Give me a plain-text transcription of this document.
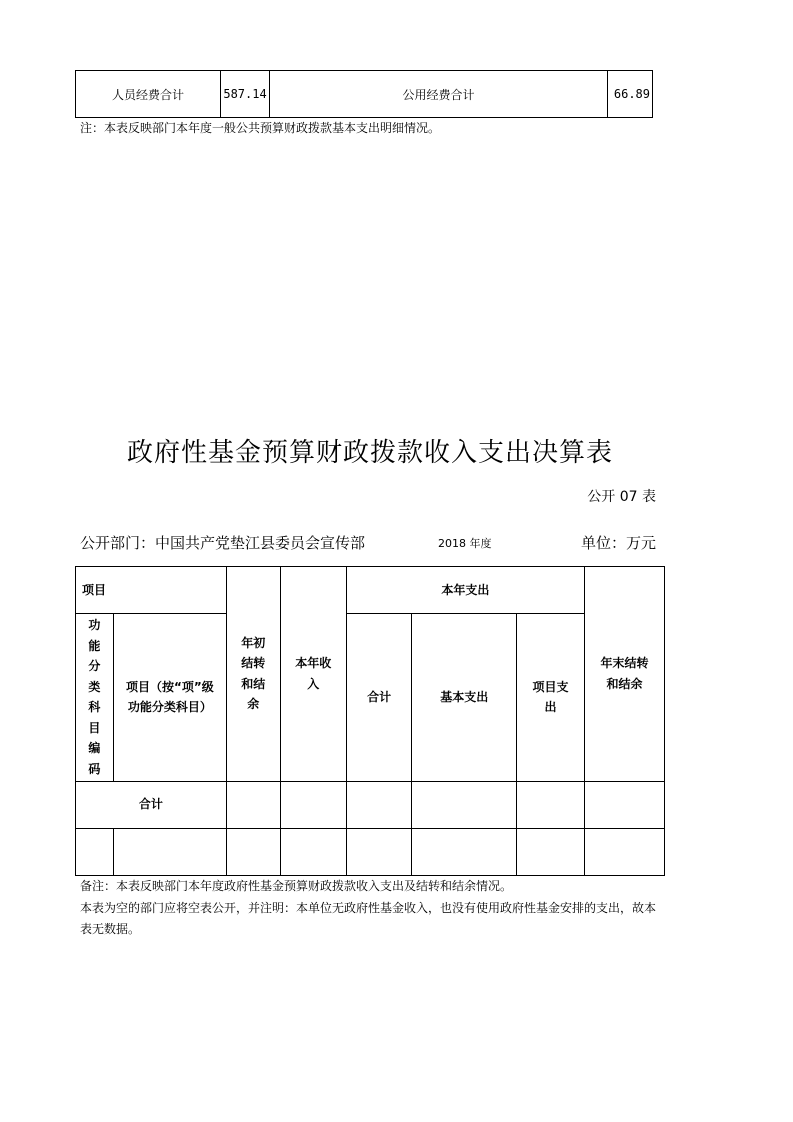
人员经费合计	587.14	公用经费合计	66.89
注：本表反映部门本年度一般公共预算财政拨款基本支出明细情况。
政府性基金预算财政拨款收入支出决算表
公开 07 表
公开部门：中国共产党垫江县委员会宣传部	2018 年度	单位：万元
项目		年初结转和结余	本年收入	本年支出			年末结转和结余
功能分类科目编码	项目（按“项”级功能分类科目）			合计	基本支出	项目支出	
合计							

备注：本表反映部门本年度政府性基金预算财政拨款收入支出及结转和结余情况。
本表为空的部门应将空表公开，并注明：本单位无政府性基金收入，也没有使用政府性基金安排的支出，故本表无数据。
